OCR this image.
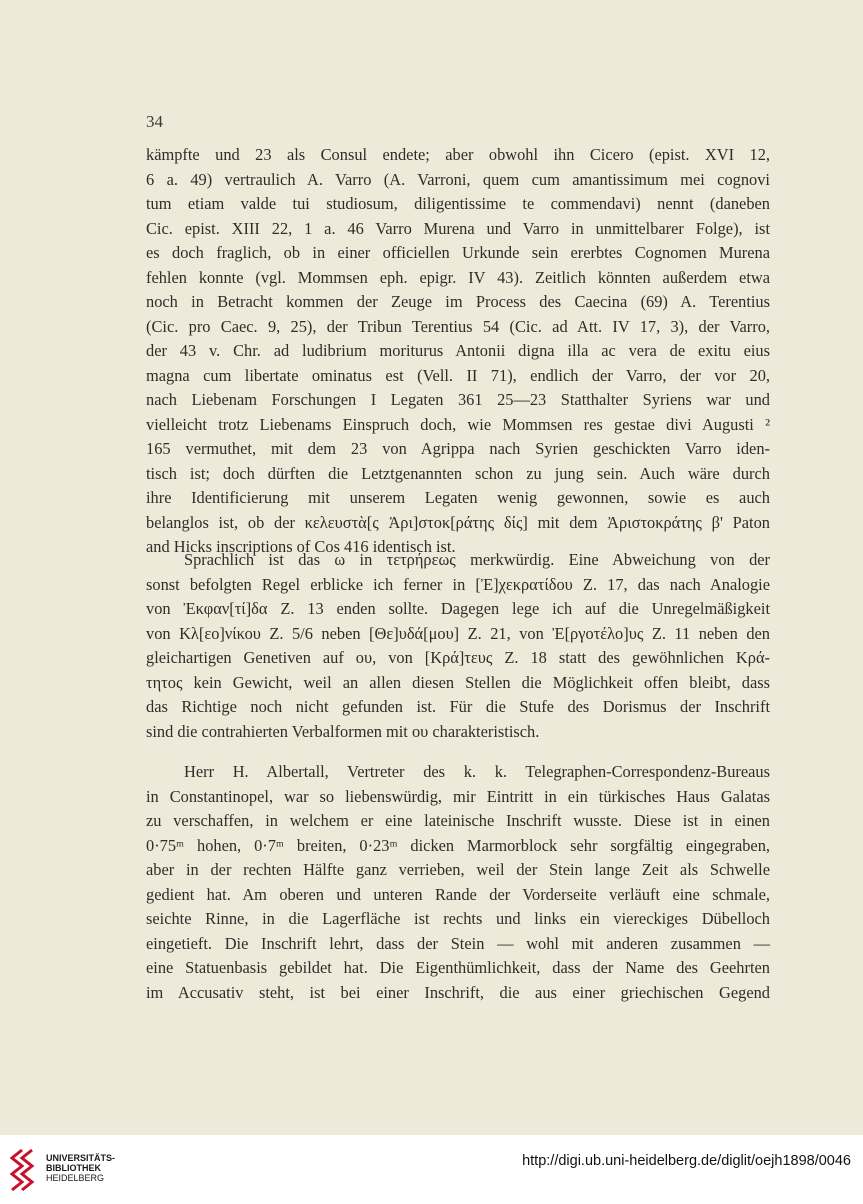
34
kämpfte und 23 als Consul endete; aber obwohl ihn Cicero (epist. XVI 12,
6 a. 49) vertraulich A. Varro (A. Varroni, quem cum amantissimum mei cognovi
tum etiam valde tui studiosum, diligentissime te commendavi) nennt (daneben
Cic. epist. XIII 22, 1 a. 46 Varro Murena und Varro in unmittelbarer Folge), ist
es doch fraglich, ob in einer officiellen Urkunde sein ererbtes Cognomen Murena
fehlen konnte (vgl. Mommsen eph. epigr. IV 43). Zeitlich könnten außerdem etwa
noch in Betracht kommen der Zeuge im Process des Caecina (69) A. Terentius
(Cic. pro Caec. 9, 25), der Tribun Terentius 54 (Cic. ad Att. IV 17, 3), der Varro,
der 43 v. Chr. ad ludibrium moriturus Antonii digna illa ac vera de exitu eius
magna cum libertate ominatus est (Vell. II 71), endlich der Varro, der vor 20,
nach Liebenam Forschungen I Legaten 361 25—23 Statthalter Syriens war und
vielleicht trotz Liebenams Einspruch doch, wie Mommsen res gestae divi Augusti ²
165 vermuthet, mit dem 23 von Agrippa nach Syrien geschickten Varro iden-
tisch ist; doch dürften die Letztgenannten schon zu jung sein. Auch wäre durch
ihre Identificierung mit unserem Legaten wenig gewonnen, sowie es auch
belanglos ist, ob der κελευστὰ[ς Ἀρι]στοκ[ράτης δίς] mit dem Ἀριστοκράτης β' Paton
and Hicks inscriptions of Cos 416 identisch ist.
Sprachlich ist das ω in τετρήρεως merkwürdig. Eine Abweichung von der
sonst befolgten Regel erblicke ich ferner in [Ἐ]χεκρατίδου Z. 17, das nach Analogie
von Ἐκφαν[τί]δα Z. 13 enden sollte. Dagegen lege ich auf die Unregelmäßigkeit
von Κλ[εο]νίκου Z. 5/6 neben [Θε]υδά[μου] Z. 21, von Ἐ[ργοτέλο]υς Z. 11 neben den
gleichartigen Genetiven auf ου, von [Κρά]τευς Z. 18 statt des gewöhnlichen Κρά-
τητος kein Gewicht, weil an allen diesen Stellen die Möglichkeit offen bleibt, dass
das Richtige noch nicht gefunden ist. Für die Stufe des Dorismus der Inschrift
sind die contrahierten Verbalformen mit ου charakteristisch.
Herr H. Albertall, Vertreter des k. k. Telegraphen-Correspondenz-Bureaus
in Constantinopel, war so liebenswürdig, mir Eintritt in ein türkisches Haus Galatas
zu verschaffen, in welchem er eine lateinische Inschrift wusste. Diese ist in einen
0·75ᵐ hohen, 0·7ᵐ breiten, 0·23ᵐ dicken Marmorblock sehr sorgfältig eingegraben,
aber in der rechten Hälfte ganz verrieben, weil der Stein lange Zeit als Schwelle
gedient hat. Am oberen und unteren Rande der Vorderseite verläuft eine schmale,
seichte Rinne, in die Lagerfläche ist rechts und links ein viereckiges Dübelloch
eingetieft. Die Inschrift lehrt, dass der Stein — wohl mit anderen zusammen —
eine Statuenbasis gebildet hat. Die Eigenthümlichkeit, dass der Name des Geehrten
im Accusativ steht, ist bei einer Inschrift, die aus einer griechischen Gegend
UNIVERSITÄTS-
BIBLIOTHEK
HEIDELBERG
http://digi.ub.uni-heidelberg.de/diglit/oejh1898/0046
